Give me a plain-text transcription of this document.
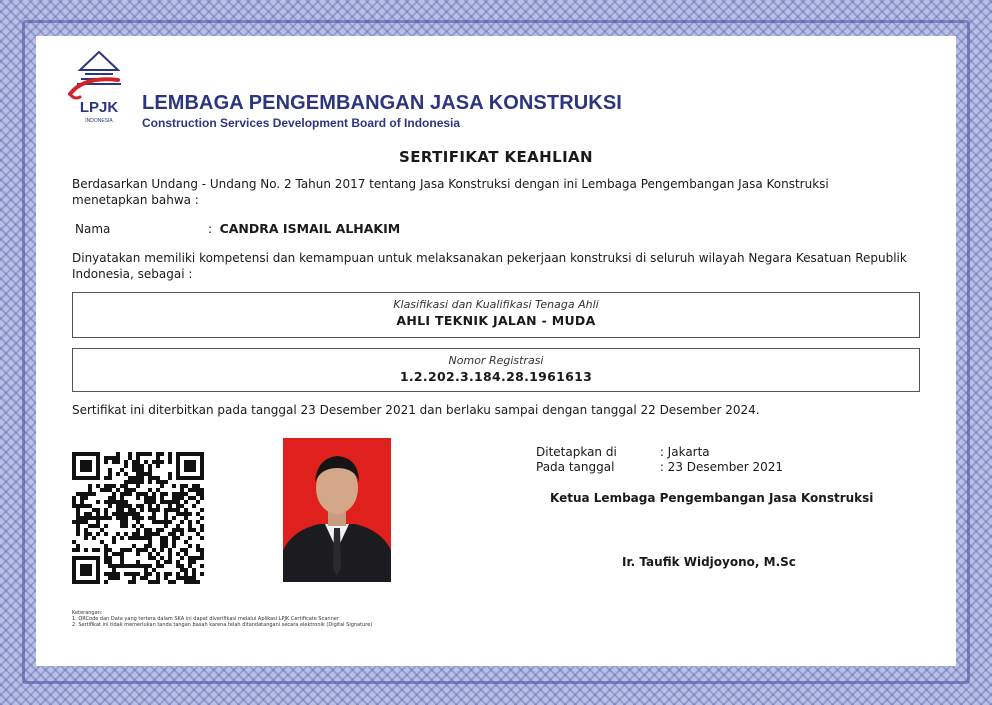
LPJK
INDONESIA
LEMBAGA PENGEMBANGAN JASA KONSTRUKSI
Construction Services Development Board of Indonesia
SERTIFIKAT KEAHLIAN
Berdasarkan Undang - Undang No. 2 Tahun 2017 tentang Jasa Konstruksi dengan ini Lembaga Pengembangan Jasa Konstruksi menetapkan bahwa :
Nama	: CANDRA ISMAIL ALHAKIM
Dinyatakan memiliki kompetensi dan kemampuan untuk melaksanakan pekerjaan konstruksi di seluruh wilayah Negara Kesatuan Republik Indonesia, sebagai :
Klasifikasi dan Kualifikasi Tenaga Ahli
AHLI TEKNIK JALAN - MUDA
Nomor Registrasi
1.2.202.3.184.28.1961613
Sertifikat ini diterbitkan pada tanggal 23 Desember 2021 dan berlaku sampai dengan tanggal 22 Desember 2024.
Ditetapkan di	: Jakarta
Pada tanggal	: 23 Desember 2021
Ketua Lembaga Pengembangan Jasa Konstruksi
Ir. Taufik Widjoyono, M.Sc
Keterangan:
1. QRCode dan Data yang tertera dalam SKA ini dapat diverifikasi melalui Aplikasi LPJK Certificate Scanner
2. Sertifikat ini tidak memerlukan tanda tangan basah karena telah ditandatangani secara elektronik (Digital Signature)
